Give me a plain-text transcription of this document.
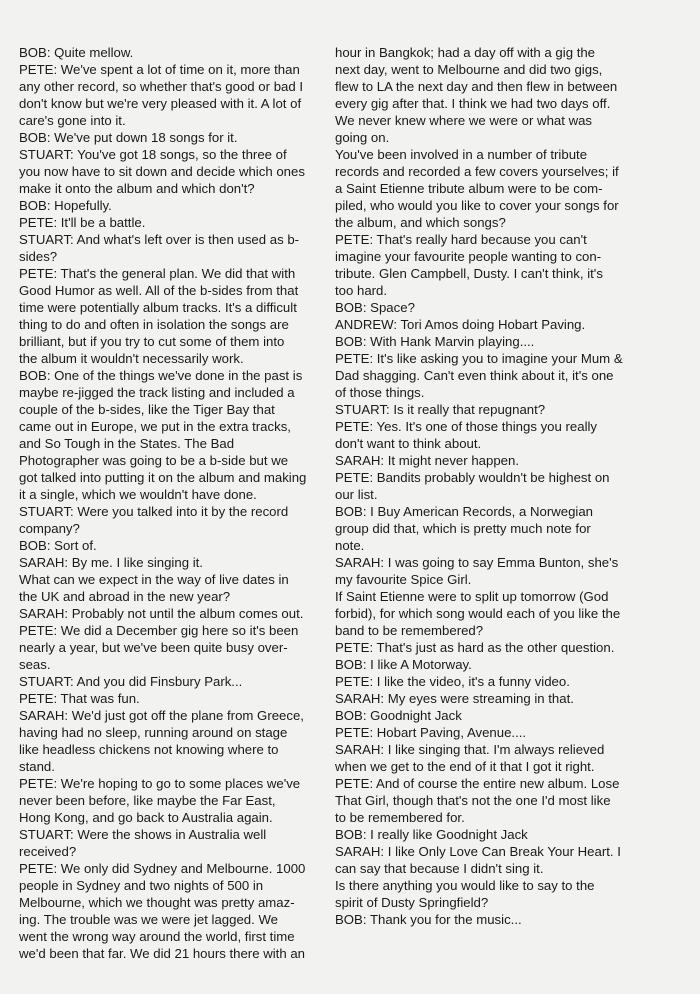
BOB: Quite mellow.
PETE: We've spent a lot of time on it, more than
any other record, so whether that's good or bad I
don't know but we're very pleased with it. A lot of
care's gone into it.
BOB: We've put down 18 songs for it.
STUART: You've got 18 songs, so the three of
you now have to sit down and decide which ones
make it onto the album and which don't?
BOB: Hopefully.
PETE: It'll be a battle.
STUART: And what's left over is then used as b-
sides?
PETE: That's the general plan. We did that with
Good Humor as well. All of the b-sides from that
time were potentially album tracks. It's a difficult
thing to do and often in isolation the songs are
brilliant, but if you try to cut some of them into
the album it wouldn't necessarily work.
BOB: One of the things we've done in the past is
maybe re-jigged the track listing and included a
couple of the b-sides, like the Tiger Bay that
came out in Europe, we put in the extra tracks,
and So Tough in the States. The Bad
Photographer was going to be a b-side but we
got talked into putting it on the album and making
it a single, which we wouldn't have done.
STUART: Were you talked into it by the record
company?
BOB: Sort of.
SARAH: By me. I like singing it.
What can we expect in the way of live dates in
the UK and abroad in the new year?
SARAH: Probably not until the album comes out.
PETE: We did a December gig here so it's been
nearly a year, but we've been quite busy over-
seas.
STUART: And you did Finsbury Park...
PETE: That was fun.
SARAH: We'd just got off the plane from Greece,
having had no sleep, running around on stage
like headless chickens not knowing where to
stand.
PETE: We're hoping to go to some places we've
never been before, like maybe the Far East,
Hong Kong, and go back to Australia again.
STUART: Were the shows in Australia well
received?
PETE: We only did Sydney and Melbourne. 1000
people in Sydney and two nights of 500 in
Melbourne, which we thought was pretty amaz-
ing. The trouble was we were jet lagged. We
went the wrong way around the world, first time
we'd been that far. We did 21 hours there with an
hour in Bangkok; had a day off with a gig the
next day, went to Melbourne and did two gigs,
flew to LA the next day and then flew in between
every gig after that. I think we had two days off.
We never knew where we were or what was
going on.
You've been involved in a number of tribute
records and recorded a few covers yourselves; if
a Saint Etienne tribute album were to be com-
piled, who would you like to cover your songs for
the album, and which songs?
PETE: That's really hard because you can't
imagine your favourite people wanting to con-
tribute. Glen Campbell, Dusty. I can't think, it's
too hard.
BOB: Space?
ANDREW: Tori Amos doing Hobart Paving.
BOB: With Hank Marvin playing....
PETE: It's like asking you to imagine your Mum &
Dad shagging. Can't even think about it, it's one
of those things.
STUART: Is it really that repugnant?
PETE: Yes. It's one of those things you really
don't want to think about.
SARAH: It might never happen.
PETE: Bandits probably wouldn't be highest on
our list.
BOB: I Buy American Records, a Norwegian
group did that, which is pretty much note for
note.
SARAH: I was going to say Emma Bunton, she's
my favourite Spice Girl.
If Saint Etienne were to split up tomorrow (God
forbid), for which song would each of you like the
band to be remembered?
PETE: That's just as hard as the other question.
BOB: I like A Motorway.
PETE: I like the video, it's a funny video.
SARAH: My eyes were streaming in that.
BOB: Goodnight Jack
PETE: Hobart Paving, Avenue....
SARAH: I like singing that. I'm always relieved
when we get to the end of it that I got it right.
PETE: And of course the entire new album. Lose
That Girl, though that's not the one I'd most like
to be remembered for.
BOB: I really like Goodnight Jack
SARAH: I like Only Love Can Break Your Heart. I
can say that because I didn't sing it.
Is there anything you would like to say to the
spirit of Dusty Springfield?
BOB: Thank you for the music...
